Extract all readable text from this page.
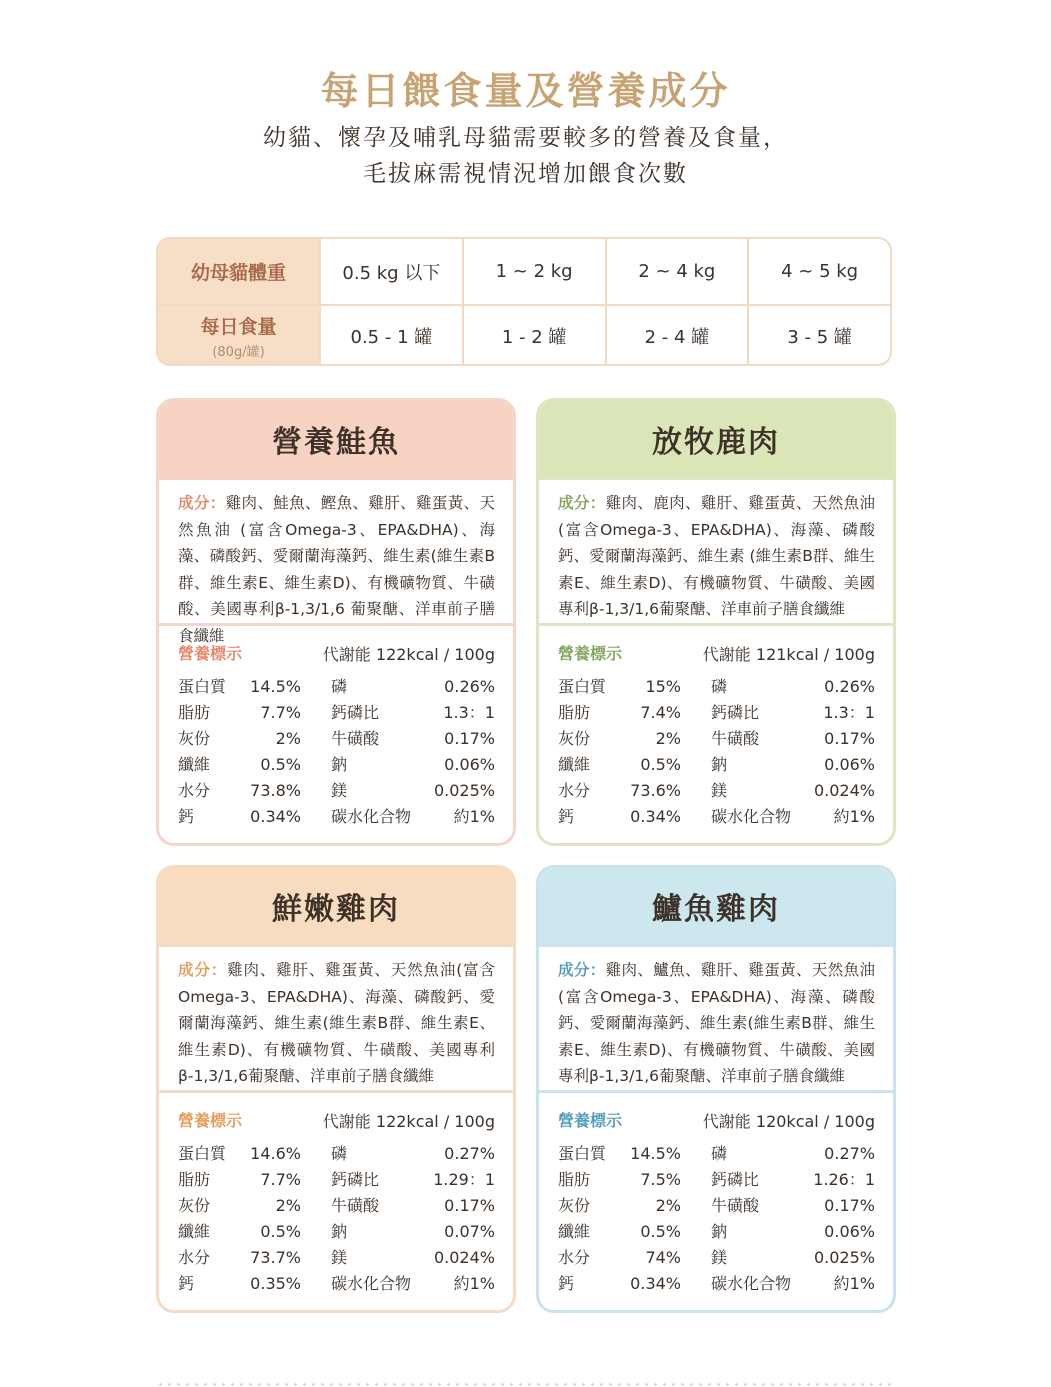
每日餵食量及營養成分
幼貓、懷孕及哺乳母貓需要較多的營養及食量，
毛拔麻需視情況增加餵食次數
幼母貓體重	0.5 kg 以下	1 ~ 2 kg	2 ~ 4 kg	4 ~ 5 kg
每日食量
(80g/罐)
0.5 - 1 罐	1 - 2 罐	2 - 4 罐	3 - 5 罐
營養鮭魚
成分：雞肉、鮭魚、鰹魚、雞肝、雞蛋黃、天然魚油 (富含Omega-3、EPA&DHA)、海藻、磷酸鈣、愛爾蘭海藻鈣、維生素(維生素B群、維生素E、維生素D)、有機礦物質、牛磺酸、美國專利β-1,3/1,6 葡聚醣、洋車前子膳食纖維
營養標示	代謝能 122kcal / 100g
蛋白質 14.5% 磷	0.26%
脂肪	7.7% 鈣磷比	1.3：1
灰份	2% 牛磺酸	0.17%
纖維	0.5% 鈉	0.06%
水分	73.8% 鎂	0.025%
鈣	0.34% 碳水化合物	約1%
放牧鹿肉
成分：雞肉、鹿肉、雞肝、雞蛋黃、天然魚油 (富含Omega-3、EPA&DHA)、海藻、磷酸鈣、愛爾蘭海藻鈣、維生素 (維生素B群、維生素E、維生素D)、有機礦物質、牛磺酸、美國專利β-1,3/1,6葡聚醣、洋車前子膳食纖維
營養標示	代謝能 121kcal / 100g
蛋白質 15% 磷	0.26%
脂肪	7.4% 鈣磷比	1.3：1
灰份	2% 牛磺酸	0.17%
纖維	0.5% 鈉	0.06%
水分	73.6% 鎂	0.024%
鈣	0.34% 碳水化合物	約1%
鮮嫩雞肉
成分：雞肉、雞肝、雞蛋黃、天然魚油(富含Omega-3、EPA&DHA)、海藻、磷酸鈣、愛爾蘭海藻鈣、維生素(維生素B群、維生素E、維生素D)、有機礦物質、牛磺酸、美國專利β-1,3/1,6葡聚醣、洋車前子膳食纖維
營養標示	代謝能 122kcal / 100g
蛋白質 14.6% 磷	0.27%
脂肪	7.7% 鈣磷比	1.29：1
灰份	2% 牛磺酸	0.17%
纖維	0.5% 鈉	0.07%
水分	73.7% 鎂	0.024%
鈣	0.35% 碳水化合物	約1%
鱸魚雞肉
成分：雞肉、鱸魚、雞肝、雞蛋黃、天然魚油 (富含Omega-3、EPA&DHA)、海藻、磷酸鈣、愛爾蘭海藻鈣、維生素(維生素B群、維生素E、維生素D)、有機礦物質、牛磺酸、美國專利β-1,3/1,6葡聚醣、洋車前子膳食纖維
營養標示	代謝能 120kcal / 100g
蛋白質 14.5% 磷	0.27%
脂肪	7.5% 鈣磷比	1.26：1
灰份	2% 牛磺酸	0.17%
纖維	0.5% 鈉	0.06%
水分	74% 鎂	0.025%
鈣	0.34% 碳水化合物	約1%
